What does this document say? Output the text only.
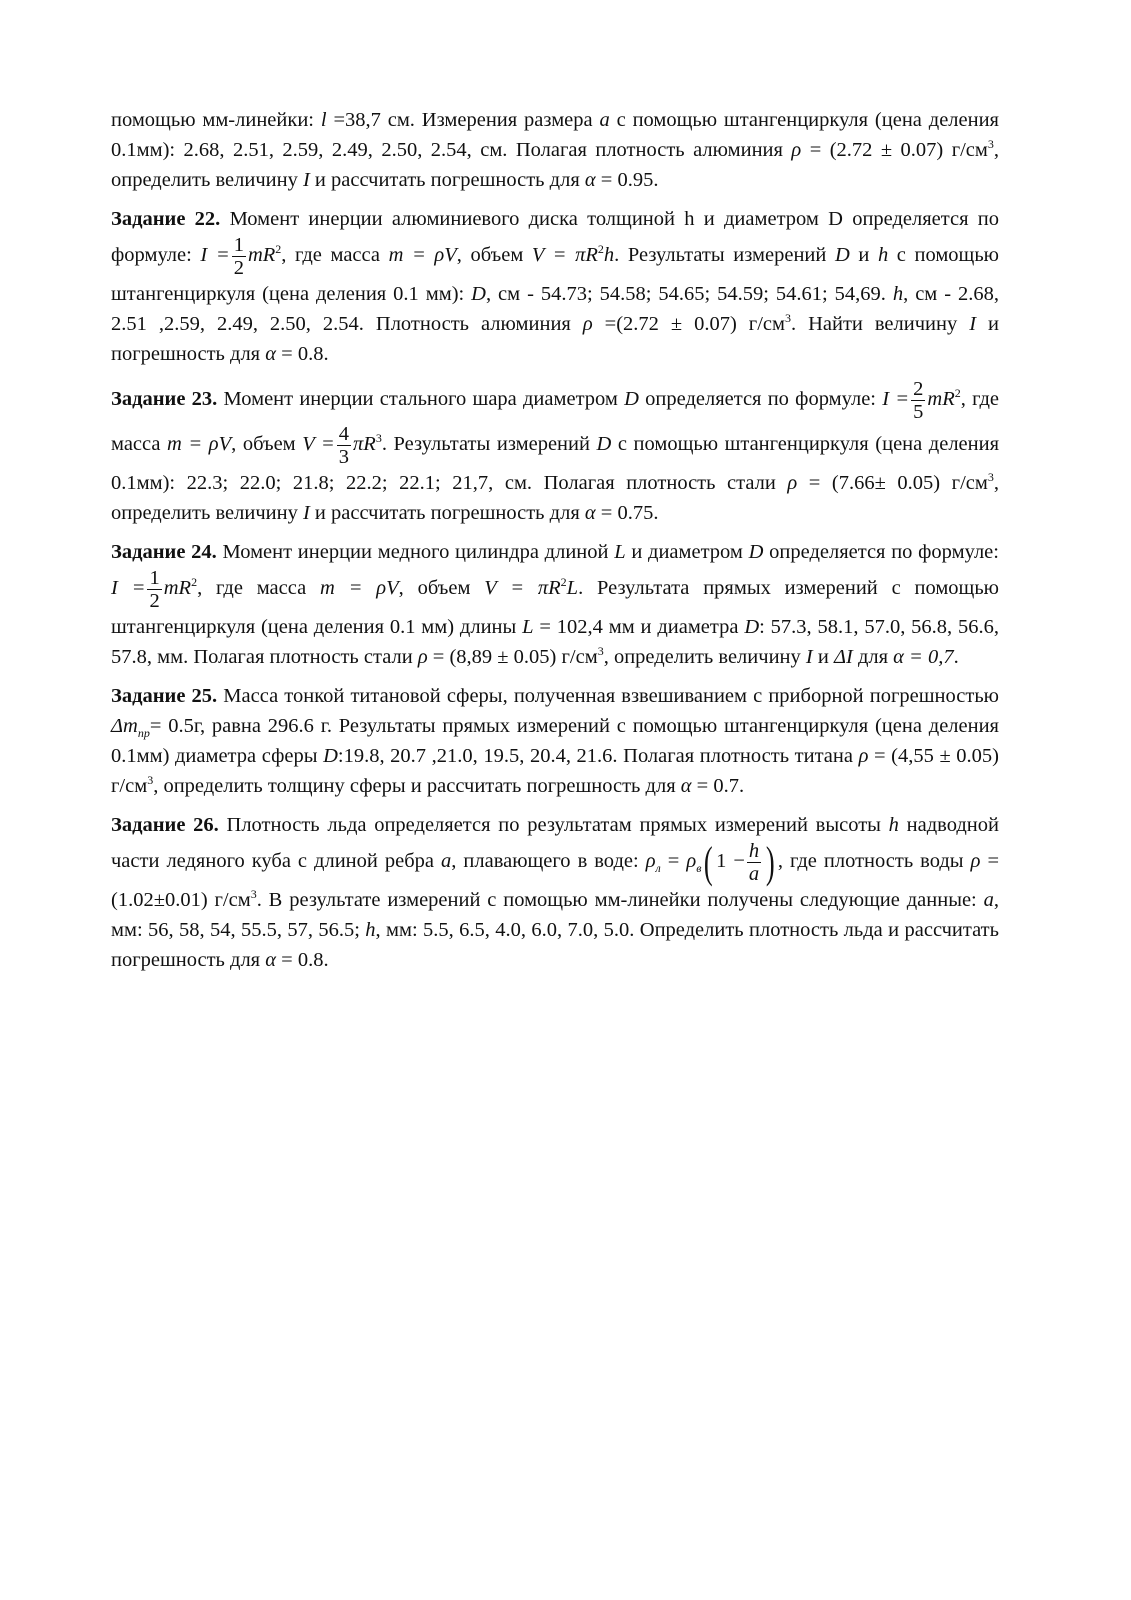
помощью мм-линейки: l =38,7 см. Измерения размера a с помощью штангенциркуля (цена деления 0.1мм): 2.68, 2.51, 2.59, 2.49, 2.50, 2.54, см. Полагая плотность алюминия ρ = (2.72 ± 0.07) $г/см^3$, определить величину I и рассчитать погрешность для α = 0.95.

Задание 22. Момент инерции алюминиевого диска толщиной h и диаметром D определяется по формуле: $I = \frac{1}{2} mR^2$, где масса m = ρV, объем $V = \pi R^2h$. Результаты измерений D и h с помощью штангенциркуля (цена деления 0.1 мм): D, см - 54.73; 54.58; 54.65; 54.59; 54.61; 54,69. h, см - 2.68, 2.51 ,2.59, 2.49, 2.50, 2.54. Плотность алюминия ρ =(2.72 ± 0.07) $г/см^3$. Найти величину I и погрешность для α = 0.8.

Задание 23. Момент инерции стального шара диаметром D определяется по формуле: $I = \frac{2}{5} mR^2$, где масса m = ρV, объем $V = \frac{4}{3} \pi R^3$. Результаты измерений D с помощью штангенциркуля (цена деления 0.1мм): 22.3; 22.0; 21.8; 22.2; 22.1; 21,7, см. Полагая плотность стали ρ = (7.66± 0.05) $г/см^3$, определить величину I и рассчитать погрешность для α = 0.75.

Задание 24. Момент инерции медного цилиндра длиной L и диаметром D определяется по формуле: $I = \frac{1}{2} mR^2$, где масса m = ρV, объем $V = \pi R^2L$. Результата прямых измерений с помощью штангенциркуля (цена деления 0.1 мм) длины L = 102,4 мм и диаметра D: 57.3, 58.1, 57.0, 56.8, 56.6, 57.8, мм. Полагая плотность стали ρ = (8,89 ± 0.05) $г/см^3$, определить величину I и ΔI для α = 0,7.

Задание 25. Масса тонкой титановой сферы, полученная взвешиванием с приборной погрешностью $\Delta m_{пр}= 0.5г$, равна 296.6 г. Результаты прямых измерений с помощью штангенциркуля (цена деления 0.1мм) диаметра сферы D:19.8, 20.7 ,21.0, 19.5, 20.4, 21.6. Полагая плотность титана ρ = (4,55 ± 0.05) $г/см^3$, определить толщину сферы и рассчитать погрешность для α = 0.7.

Задание 26. Плотность льда определяется по результатам прямых измерений высоты h надводной части ледяного куба с длиной ребра a, плавающего в воде: $\rho_л = \rho_в$( $1 - \frac{h}{a}$ ) , где плотность воды ρ = (1.02±0.01) $г/см^3$. В результате измерений с помощью мм-линейки получены следующие данные: a, мм: 56, 58, 54, 55.5, 57, 56.5; h, мм: 5.5, 6.5, 4.0, 6.0, 7.0, 5.0. Определить плотность льда и рассчитать погрешность для α = 0.8.
